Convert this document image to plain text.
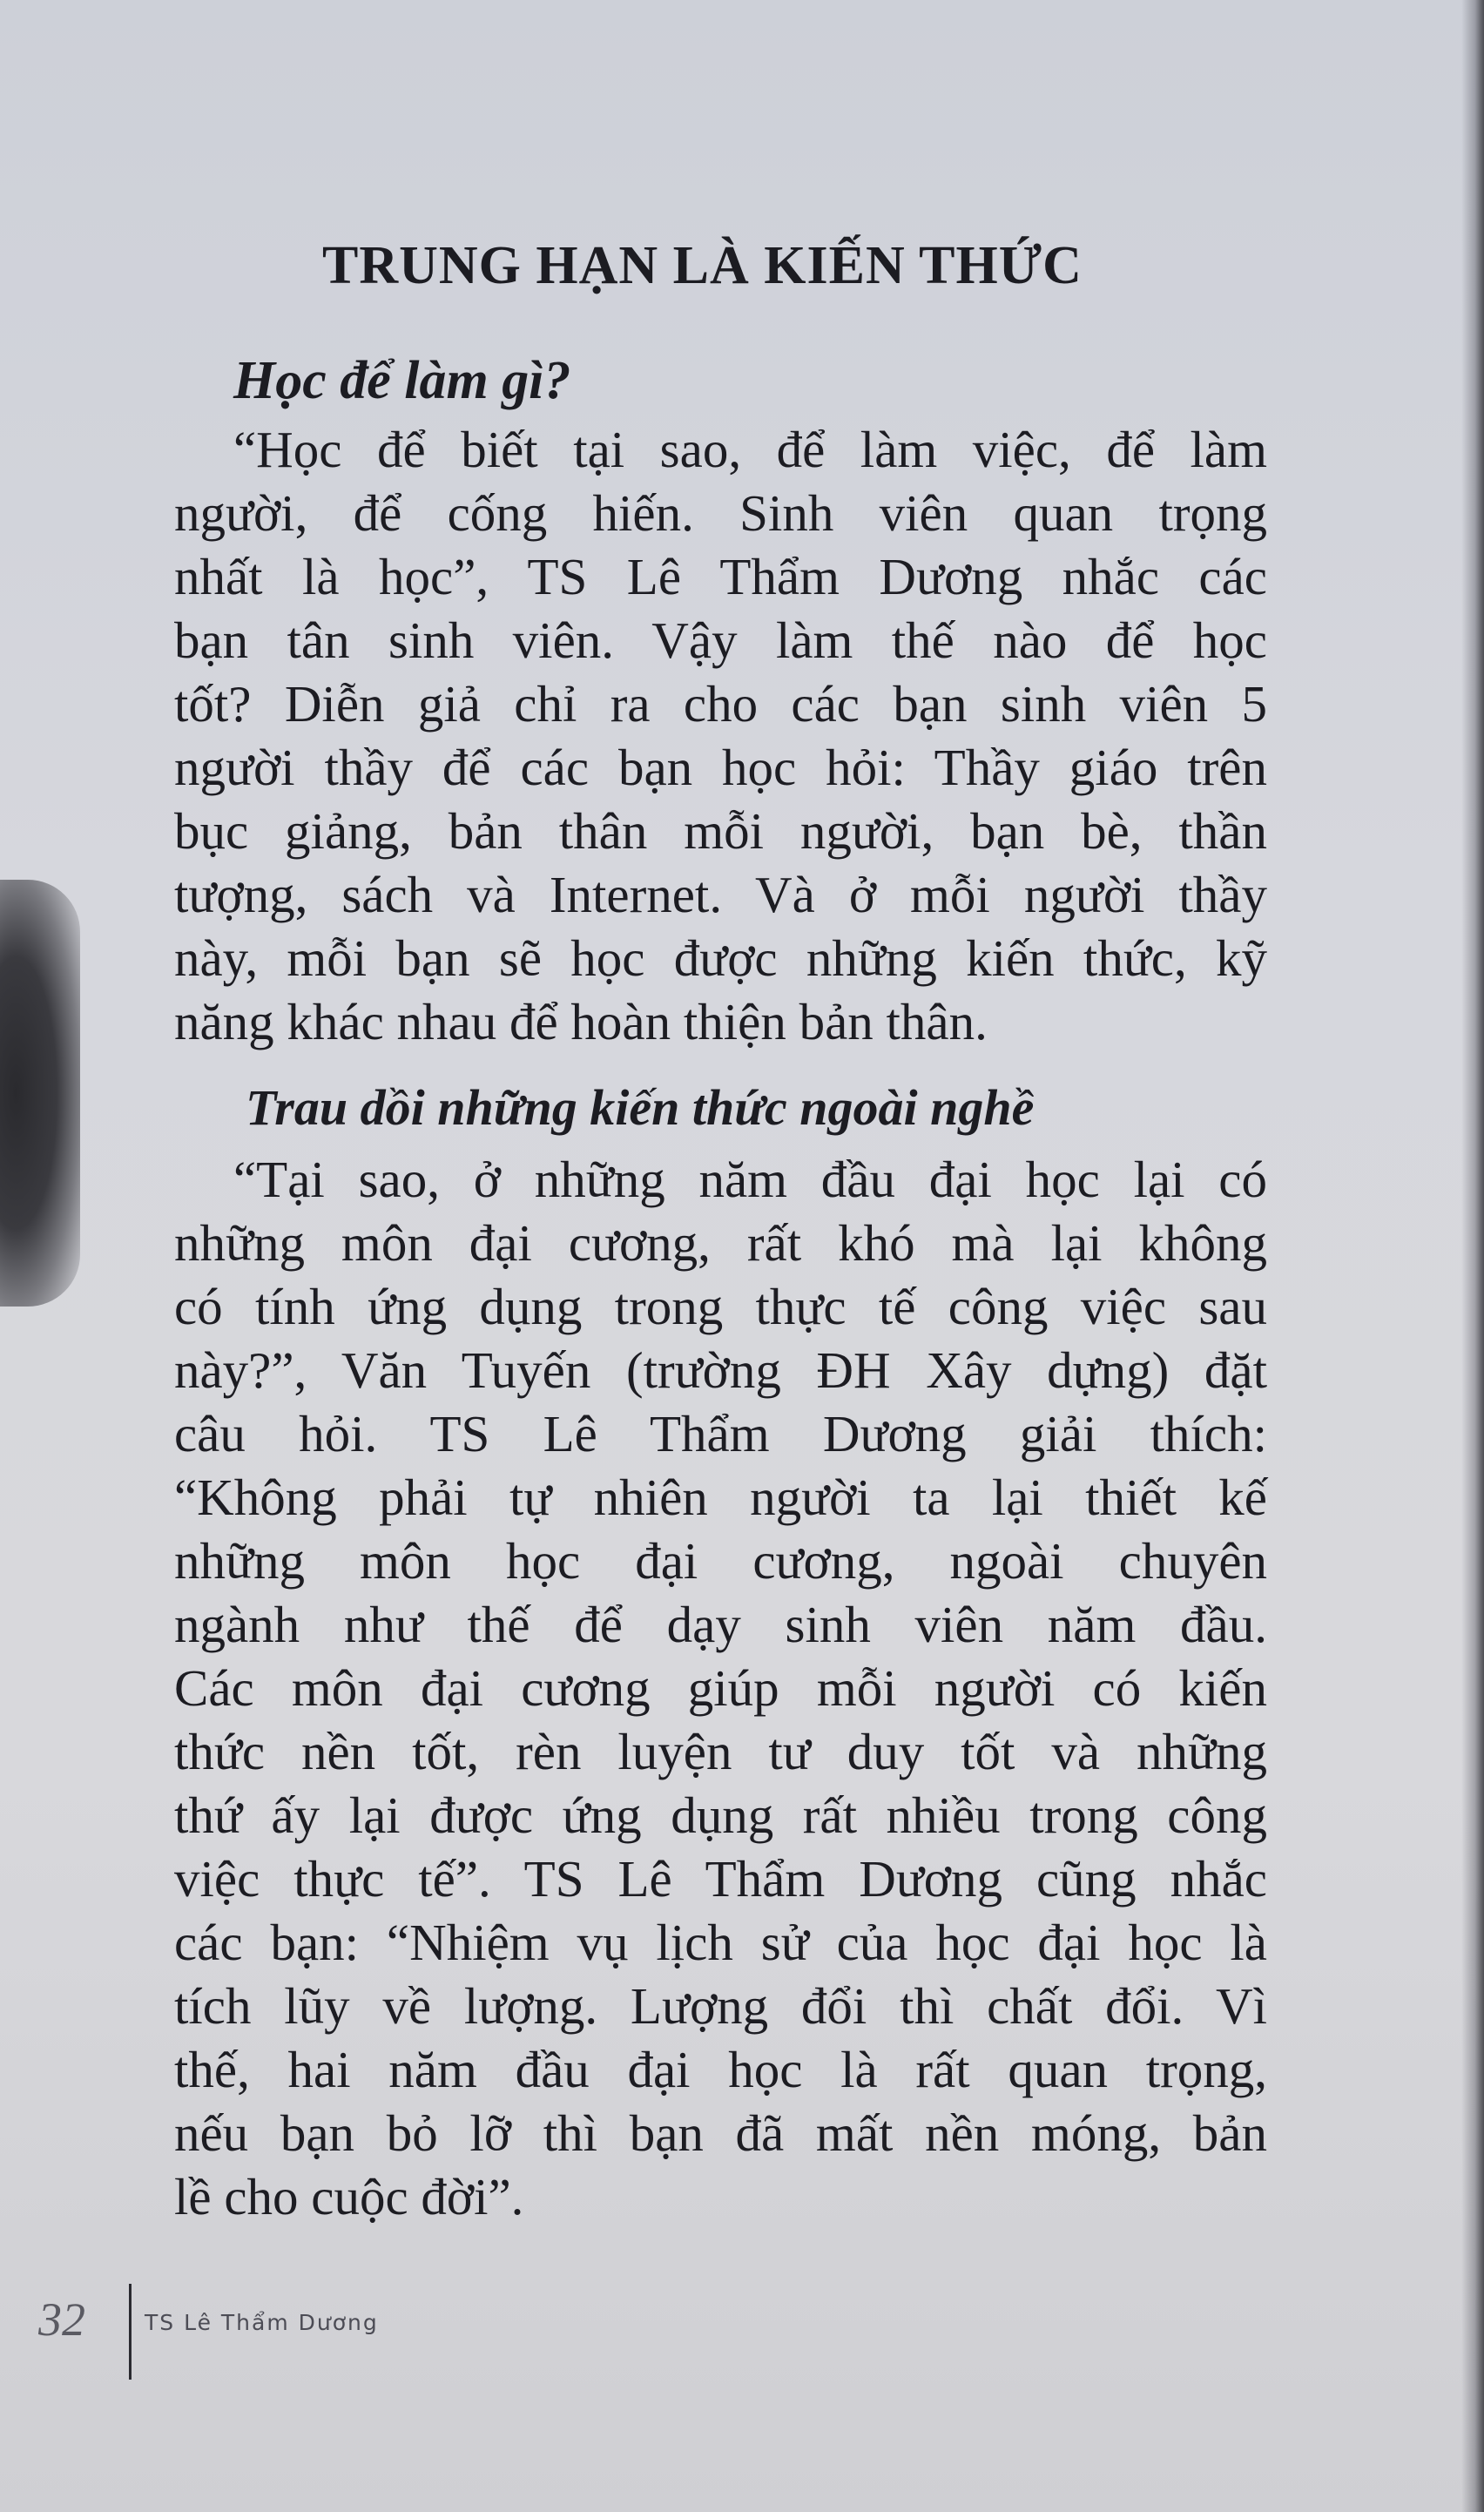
TRUNG HẠN LÀ KIẾN THỨC
Học để làm gì?
“Học để biết tại sao, để làm việc, để làm
người, để cống hiến. Sinh viên quan trọng
nhất là học”, TS Lê Thẩm Dương nhắc các
bạn tân sinh viên. Vậy làm thế nào để học
tốt? Diễn giả chỉ ra cho các bạn sinh viên 5
người thầy để các bạn học hỏi: Thầy giáo trên
bục giảng, bản thân mỗi người, bạn bè, thần
tượng, sách và Internet. Và ở mỗi người thầy
này, mỗi bạn sẽ học được những kiến thức, kỹ
năng khác nhau để hoàn thiện bản thân.
Trau dồi những kiến thức ngoài nghề
“Tại sao, ở những năm đầu đại học lại có
những môn đại cương, rất khó mà lại không
có tính ứng dụng trong thực tế công việc sau
này?”, Văn Tuyến (trường ĐH Xây dựng) đặt
câu hỏi. TS Lê Thẩm Dương giải thích:
“Không phải tự nhiên người ta lại thiết kế
những môn học đại cương, ngoài chuyên
ngành như thế để dạy sinh viên năm đầu.
Các môn đại cương giúp mỗi người có kiến
thức nền tốt, rèn luyện tư duy tốt và những
thứ ấy lại được ứng dụng rất nhiều trong công
việc thực tế”. TS Lê Thẩm Dương cũng nhắc
các bạn: “Nhiệm vụ lịch sử của học đại học là
tích lũy về lượng. Lượng đổi thì chất đổi. Vì
thế, hai năm đầu đại học là rất quan trọng,
nếu bạn bỏ lỡ thì bạn đã mất nền móng, bản
lề cho cuộc đời”.
32	TS Lê Thẩm Dương
